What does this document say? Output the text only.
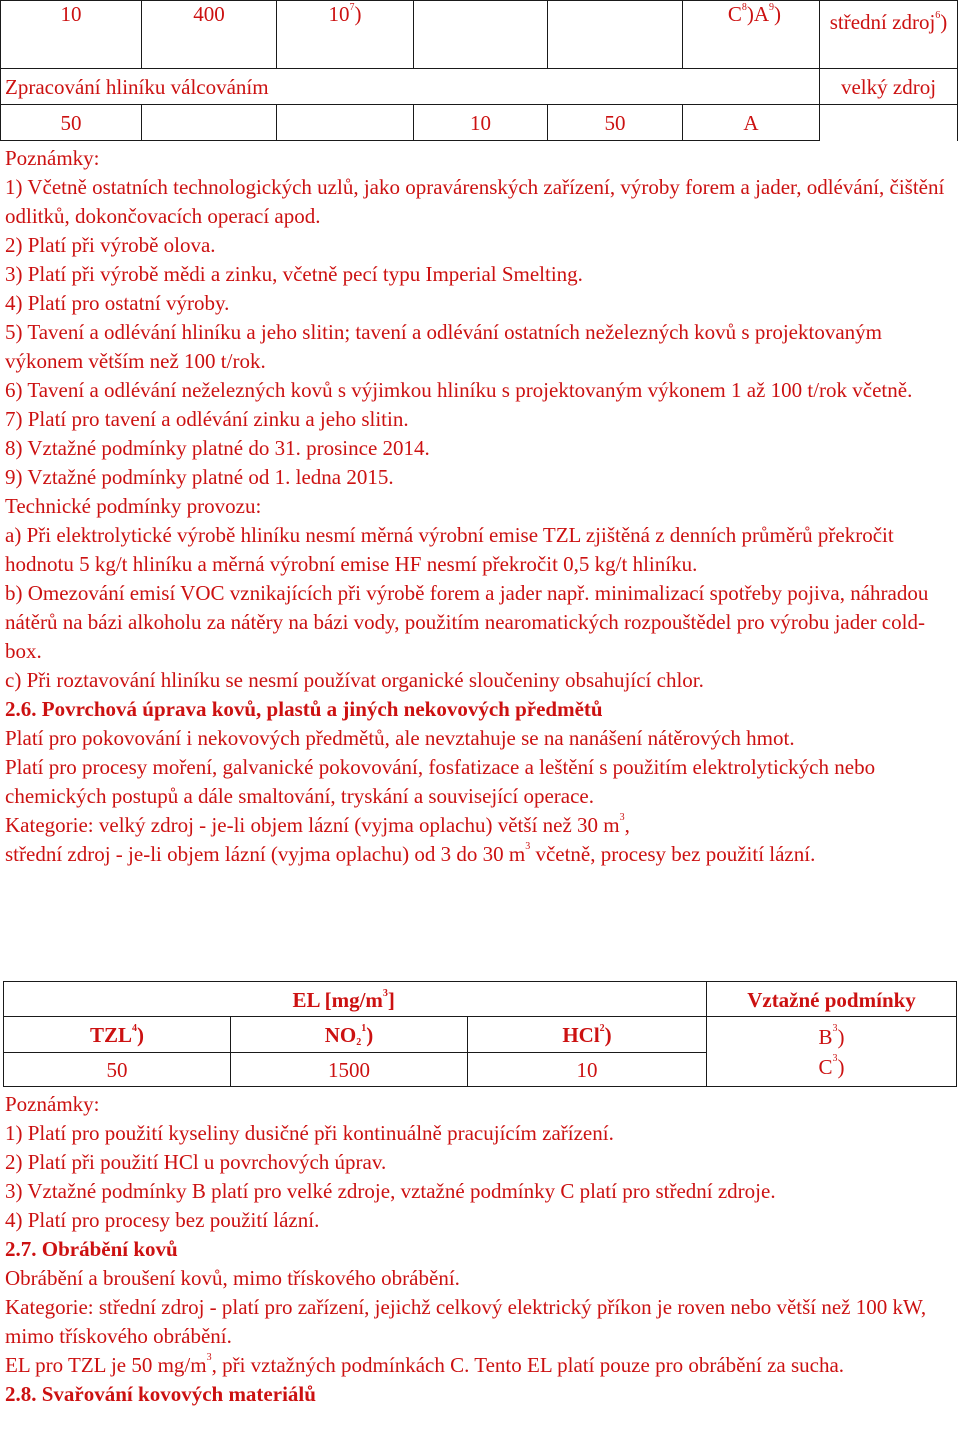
10	400	$10^7$)			$C^8)A^9$)	střední zdroj$^6$)
Zpracování hliníku válcováním						velký zdroj
50			10	50	A	

Poznámky:

1) Včetně ostatních technologických uzlů, jako opravárenských zařízení, výroby forem a jader, odlévání, čištění odlitků, dokončovacích operací apod.

2) Platí při výrobě olova.

3) Platí při výrobě mědi a zinku, včetně pecí typu Imperial Smelting.

4) Platí pro ostatní výroby.

5) Tavení a odlévání hliníku a jeho slitin; tavení a odlévání ostatních neželezných kovů s projektovaným výkonem větším než 100 t/rok.

6) Tavení a odlévání neželezných kovů s výjimkou hliníku s projektovaným výkonem 1 až 100 t/rok včetně.

7) Platí pro tavení a odlévání zinku a jeho slitin.

8) Vztažné podmínky platné do 31. prosince 2014.

9) Vztažné podmínky platné od 1. ledna 2015.

Technické podmínky provozu:

a) Při elektrolytické výrobě hliníku nesmí měrná výrobní emise TZL zjištěná z denních průměrů překročit hodnotu 5 kg/t hliníku a měrná výrobní emise HF nesmí překročit 0,5 kg/t hliníku.

b) Omezování emisí VOC vznikajících při výrobě forem a jader např. minimalizací spotřeby pojiva, náhradou nátěrů na bázi alkoholu za nátěry na bázi vody, použitím nearomatických rozpouštědel pro výrobu jader cold-box.

c) Při roztavování hliníku se nesmí používat organické sloučeniny obsahující chlor.

2.6. Povrchová úprava kovů, plastů a jiných nekovových předmětů

Platí pro pokovování i nekovových předmětů, ale nevztahuje se na nanášení nátěrových hmot.

Platí pro procesy moření, galvanické pokovování, fosfatizace a leštění s použitím elektrolytických nebo chemických postupů a dále smaltování, tryskání a související operace.

Kategorie: velký zdroj - je-li objem lázní (vyjma oplachu) větší než 30 $m^3$,
střední zdroj - je-li objem lázní (vyjma oplachu) od 3 do 30 $m^3$ včetně, procesy bez použití lázní.

	EL $[mg/m^3]$		Vztažné podmínky
TZL$^4$)	$NO2^1$)	HCl$^2$)	$B^3$)
$C^3$)
50	1500	10	

Poznámky:

1) Platí pro použití kyseliny dusičné při kontinuálně pracujícím zařízení.

2) Platí při použití HCl u povrchových úprav.

3) Vztažné podmínky B platí pro velké zdroje, vztažné podmínky C platí pro střední zdroje.

4) Platí pro procesy bez použití lázní.

2.7. Obrábění kovů

Obrábění a broušení kovů, mimo třískového obrábění.

Kategorie: střední zdroj - platí pro zařízení, jejichž celkový elektrický příkon je roven nebo větší než 100 kW, mimo třískového obrábění.

EL pro TZL je 50 $mg/m^3$, při vztažných podmínkách C. Tento EL platí pouze pro obrábění za sucha.

2.8. Svařování kovových materiálů
